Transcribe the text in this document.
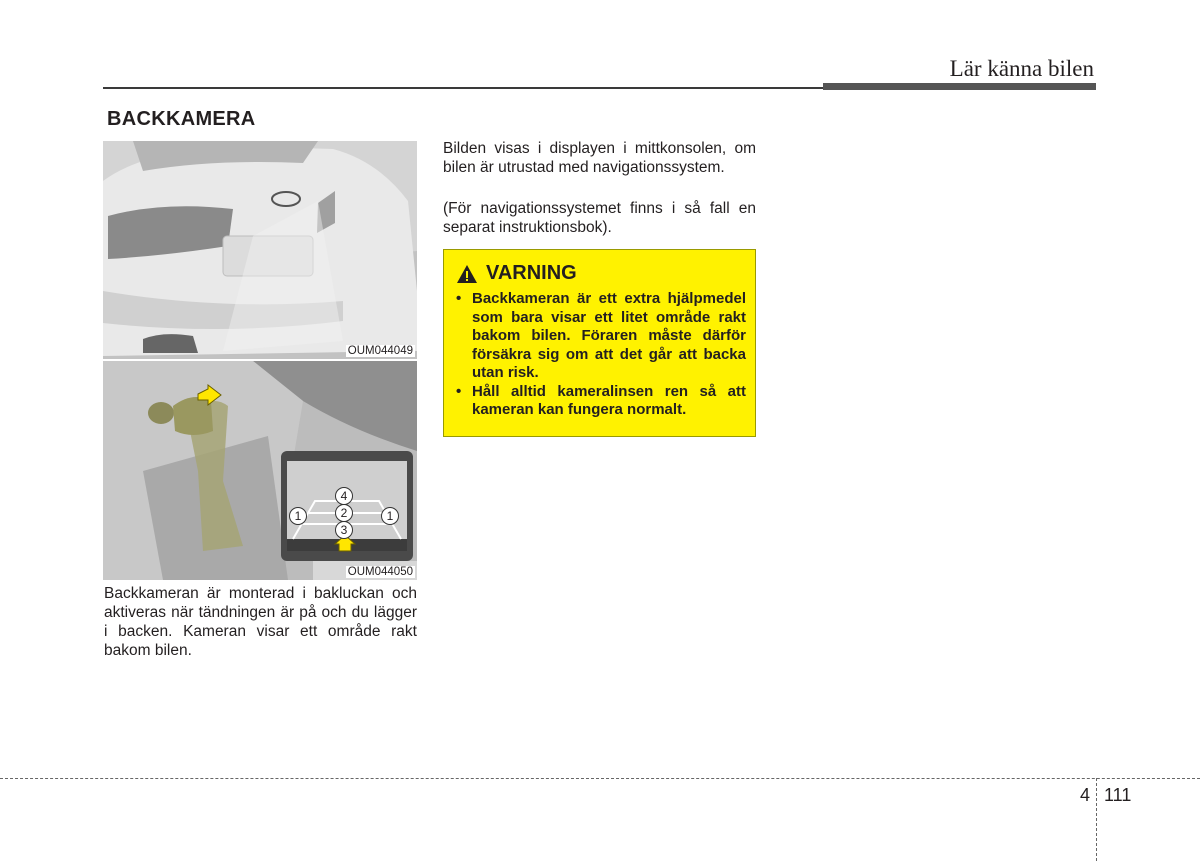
Lär känna bilen
BACKKAMERA
OUM044049
4
2
3
1	1
OUM044050
Backkameran är monterad i bakluckan och aktiveras när tändningen är på och du lägger i backen. Kameran visar ett område rakt bakom bilen.
Bilden visas i displayen i mittkonsolen, om bilen är utrustad med navigationssystem.
(För navigationssystemet finns i så fall en separat instruktionsbok).
VARNING
• Backkameran är ett extra hjälpmedel som bara visar ett litet område rakt bakom bilen. Föraren måste därför försäkra sig om att det går att backa utan risk.
• Håll alltid kameralinsen ren så att kameran kan fungera normalt.
4 111
